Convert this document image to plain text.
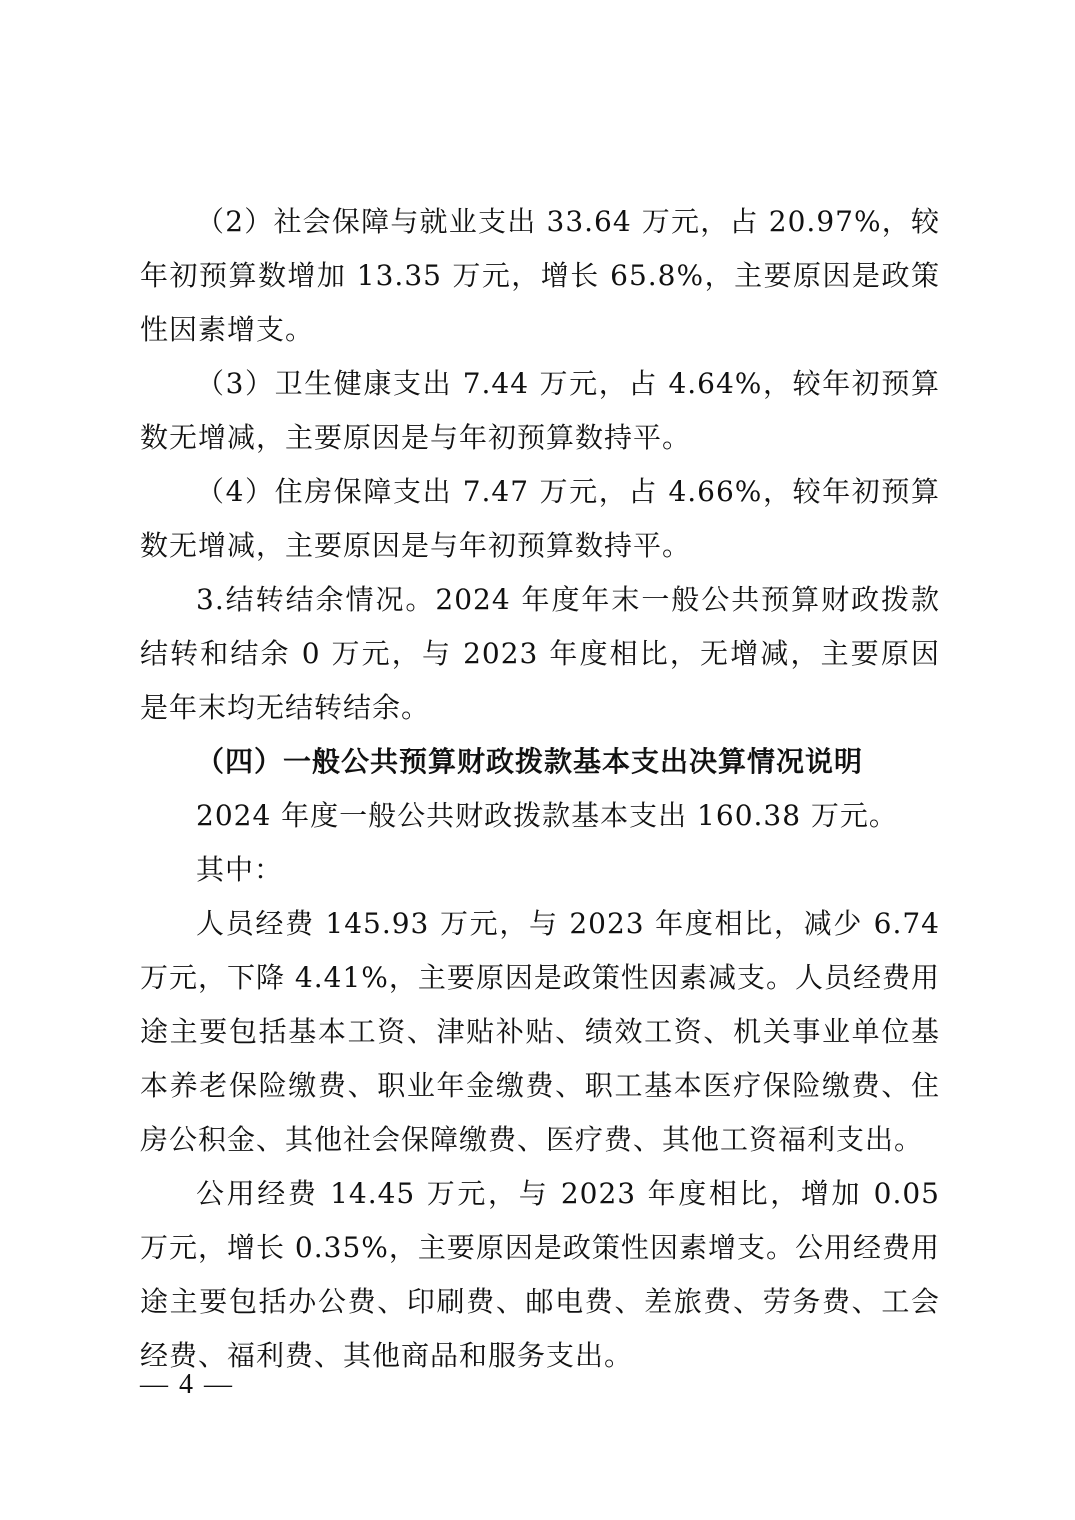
（2）社会保障与就业支出 33.64 万元，占 20.97%，较年初预算数增加 13.35 万元，增长 65.8%，主要原因是政策性因素增支。

（3）卫生健康支出 7.44 万元，占 4.64%，较年初预算数无增减，主要原因是与年初预算数持平。

（4）住房保障支出 7.47 万元，占 4.66%，较年初预算数无增减，主要原因是与年初预算数持平。

3.结转结余情况。2024 年度年末一般公共预算财政拨款结转和结余 0 万元，与 2023 年度相比，无增减，主要原因是年末均无结转结余。

（四）一般公共预算财政拨款基本支出决算情况说明

2024 年度一般公共财政拨款基本支出 160.38 万元。

其中：

人员经费 145.93 万元，与 2023 年度相比，减少 6.74 万元，下降 4.41%，主要原因是政策性因素减支。人员经费用途主要包括基本工资、津贴补贴、绩效工资、机关事业单位基本养老保险缴费、职业年金缴费、职工基本医疗保险缴费、住房公积金、其他社会保障缴费、医疗费、其他工资福利支出。

公用经费 14.45 万元，与 2023 年度相比，增加 0.05 万元，增长 0.35%，主要原因是政策性因素增支。公用经费用途主要包括办公费、印刷费、邮电费、差旅费、劳务费、工会经费、福利费、其他商品和服务支出。

— 4 —
